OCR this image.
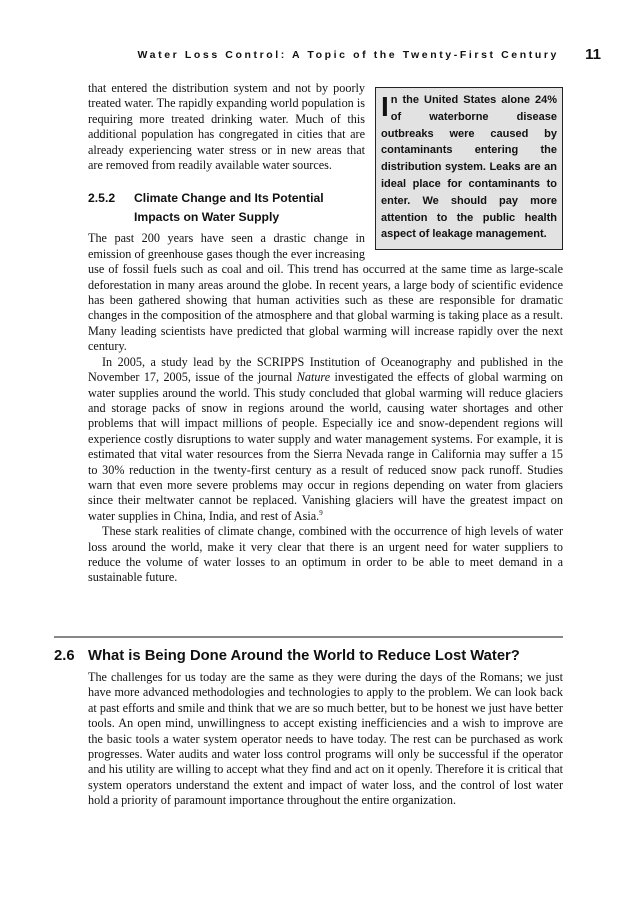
Water Loss Control: A Topic of the Twenty-First Century 11
In the United States alone 24% of waterborne disease outbreaks were caused by contaminants entering the distribution system. Leaks are an ideal place for contaminants to enter. We should pay more attention to the public health aspect of leakage management.

that entered the distribution system and not by poorly treated water. The rapidly expanding world population is requiring more treated drinking water. Much of this additional population has congregated in cities that are already experiencing water stress or in new areas that are removed from readily available water sources.

2.5.2 Climate Change and Its Potential
Impacts on Water Supply

The past 200 years have seen a drastic change in emission of greenhouse gases though the ever increasing use of fossil fuels such as coal and oil. This trend has occurred at the same time as large-scale deforestation in many areas around the globe. In recent years, a large body of scientific evidence has been gathered showing that human activities such as these are responsible for dramatic changes in the composition of the atmosphere and that global warming is taking place as a result. Many leading scientists have predicted that global warming will increase rapidly over the next century.

In 2005, a study lead by the SCRIPPS Institution of Oceanography and published in the November 17, 2005, issue of the journal Nature investigated the effects of global warming on water supplies around the world. This study concluded that global warming will reduce glaciers and storage packs of snow in regions around the world, causing water shortages and other problems that will impact millions of people. Especially ice and snow-dependent regions will experience costly disruptions to water supply and water management systems. For example, it is estimated that vital water resources from the Sierra Nevada range in California may suffer a 15 to 30% reduction in the twenty-first century as a result of reduced snow pack runoff. Studies warn that even more severe problems may occur in regions depending on water from glaciers since their meltwater cannot be replaced. Vanishing glaciers will have the greatest impact on water supplies in China, India, and rest of Asia.$^9$

These stark realities of climate change, combined with the occurrence of high levels of water loss around the world, make it very clear that there is an urgent need for water suppliers to reduce the volume of water losses to an optimum in order to be able to meet demand in a sustainable future.

2.6 What is Being Done Around the World to Reduce Lost Water?

The challenges for us today are the same as they were during the days of the Romans; we just have more advanced methodologies and technologies to apply to the problem. We can look back at past efforts and smile and think that we are so much better, but to be honest we just have better tools. An open mind, unwillingness to accept existing inefficiencies and a wish to improve are the basic tools a water system operator needs to have today. The rest can be purchased as work progresses. Water audits and water loss control programs will only be successful if the operator and his utility are willing to accept what they find and act on it openly. Therefore it is critical that system operators understand the extent and impact of water loss, and the control of lost water hold a priority of paramount importance throughout the entire organization.
